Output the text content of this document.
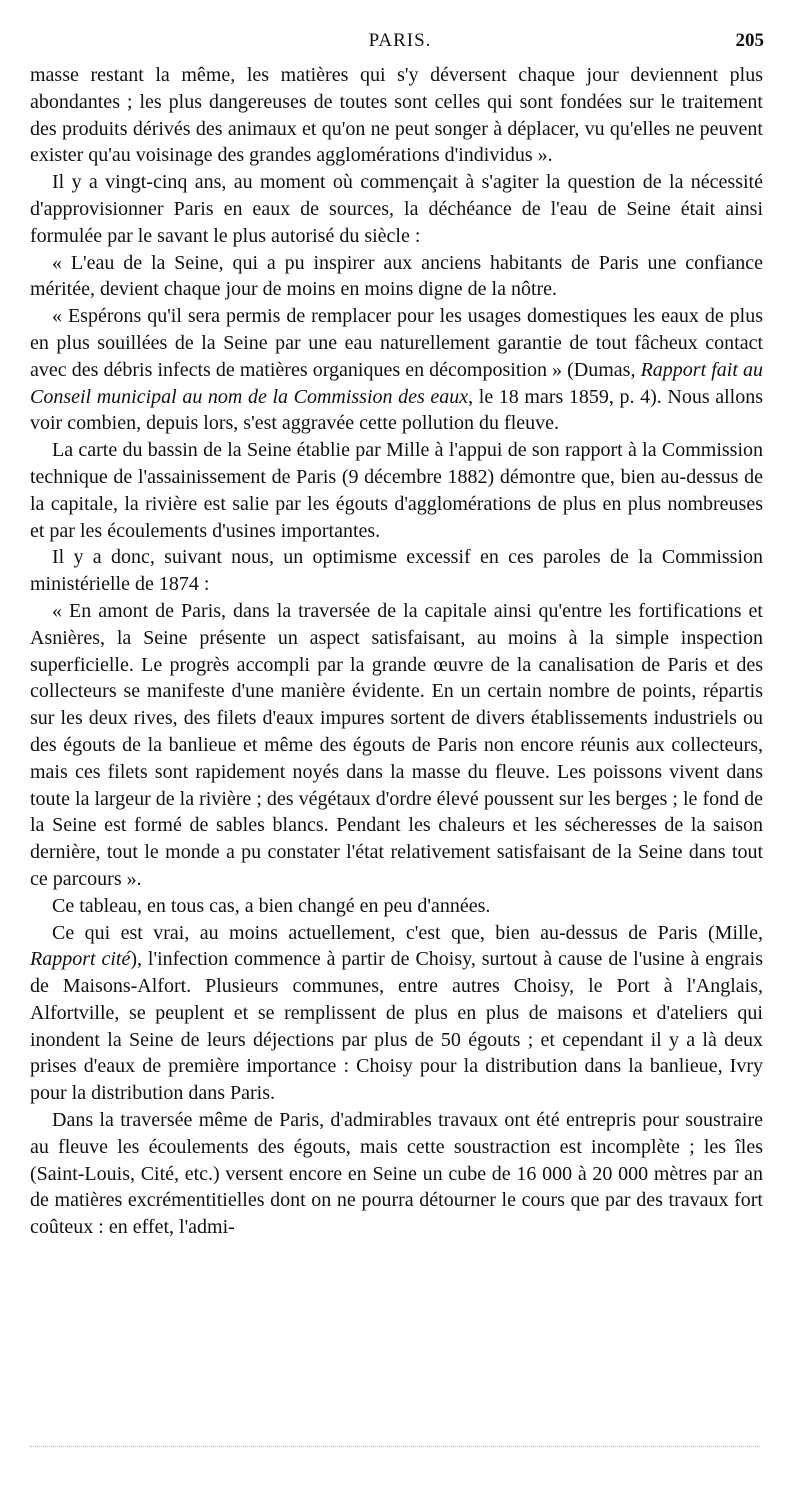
PARIS.	205

masse restant la même, les matières qui s'y déversent chaque jour deviennent plus abondantes ; les plus dangereuses de toutes sont celles qui sont fondées sur le traitement des produits dérivés des animaux et qu'on ne peut songer à déplacer, vu qu'elles ne peuvent exister qu'au voisinage des grandes agglomérations d'individus ».

Il y a vingt-cinq ans, au moment où commençait à s'agiter la question de la nécessité d'approvisionner Paris en eaux de sources, la déchéance de l'eau de Seine était ainsi formulée par le savant le plus autorisé du siècle :

« L'eau de la Seine, qui a pu inspirer aux anciens habitants de Paris une confiance méritée, devient chaque jour de moins en moins digne de la nôtre.

« Espérons qu'il sera permis de remplacer pour les usages domestiques les eaux de plus en plus souillées de la Seine par une eau naturellement garantie de tout fâcheux contact avec des débris infects de matières organiques en décomposition » (Dumas, Rapport fait au Conseil municipal au nom de la Commission des eaux, le 18 mars 1859, p. 4). Nous allons voir combien, depuis lors, s'est aggravée cette pollution du fleuve.

La carte du bassin de la Seine établie par Mille à l'appui de son rapport à la Commission technique de l'assainissement de Paris (9 décembre 1882) démontre que, bien au-dessus de la capitale, la rivière est salie par les égouts d'agglomérations de plus en plus nombreuses et par les écoulements d'usines importantes.

Il y a donc, suivant nous, un optimisme excessif en ces paroles de la Commission ministérielle de 1874 :

« En amont de Paris, dans la traversée de la capitale ainsi qu'entre les fortifications et Asnières, la Seine présente un aspect satisfaisant, au moins à la simple inspection superficielle. Le progrès accompli par la grande œuvre de la canalisation de Paris et des collecteurs se manifeste d'une manière évidente. En un certain nombre de points, répartis sur les deux rives, des filets d'eaux impures sortent de divers établissements industriels ou des égouts de la banlieue et même des égouts de Paris non encore réunis aux collecteurs, mais ces filets sont rapidement noyés dans la masse du fleuve. Les poissons vivent dans toute la largeur de la rivière ; des végétaux d'ordre élevé poussent sur les berges ; le fond de la Seine est formé de sables blancs. Pendant les chaleurs et les sécheresses de la saison dernière, tout le monde a pu constater l'état relativement satisfaisant de la Seine dans tout ce parcours ».

Ce tableau, en tous cas, a bien changé en peu d'années.

Ce qui est vrai, au moins actuellement, c'est que, bien au-dessus de Paris (Mille, Rapport cité), l'infection commence à partir de Choisy, surtout à cause de l'usine à engrais de Maisons-Alfort. Plusieurs communes, entre autres Choisy, le Port à l'Anglais, Alfortville, se peuplent et se remplissent de plus en plus de maisons et d'ateliers qui inondent la Seine de leurs déjections par plus de 50 égouts ; et cependant il y a là deux prises d'eaux de première importance : Choisy pour la distribution dans la banlieue, Ivry pour la distribution dans Paris.

Dans la traversée même de Paris, d'admirables travaux ont été entrepris pour soustraire au fleuve les écoulements des égouts, mais cette soustraction est incomplète ; les îles (Saint-Louis, Cité, etc.) versent encore en Seine un cube de 16 000 à 20 000 mètres par an de matières excrémentitielles dont on ne pourra détourner le cours que par des travaux fort coûteux : en effet, l'admi-
